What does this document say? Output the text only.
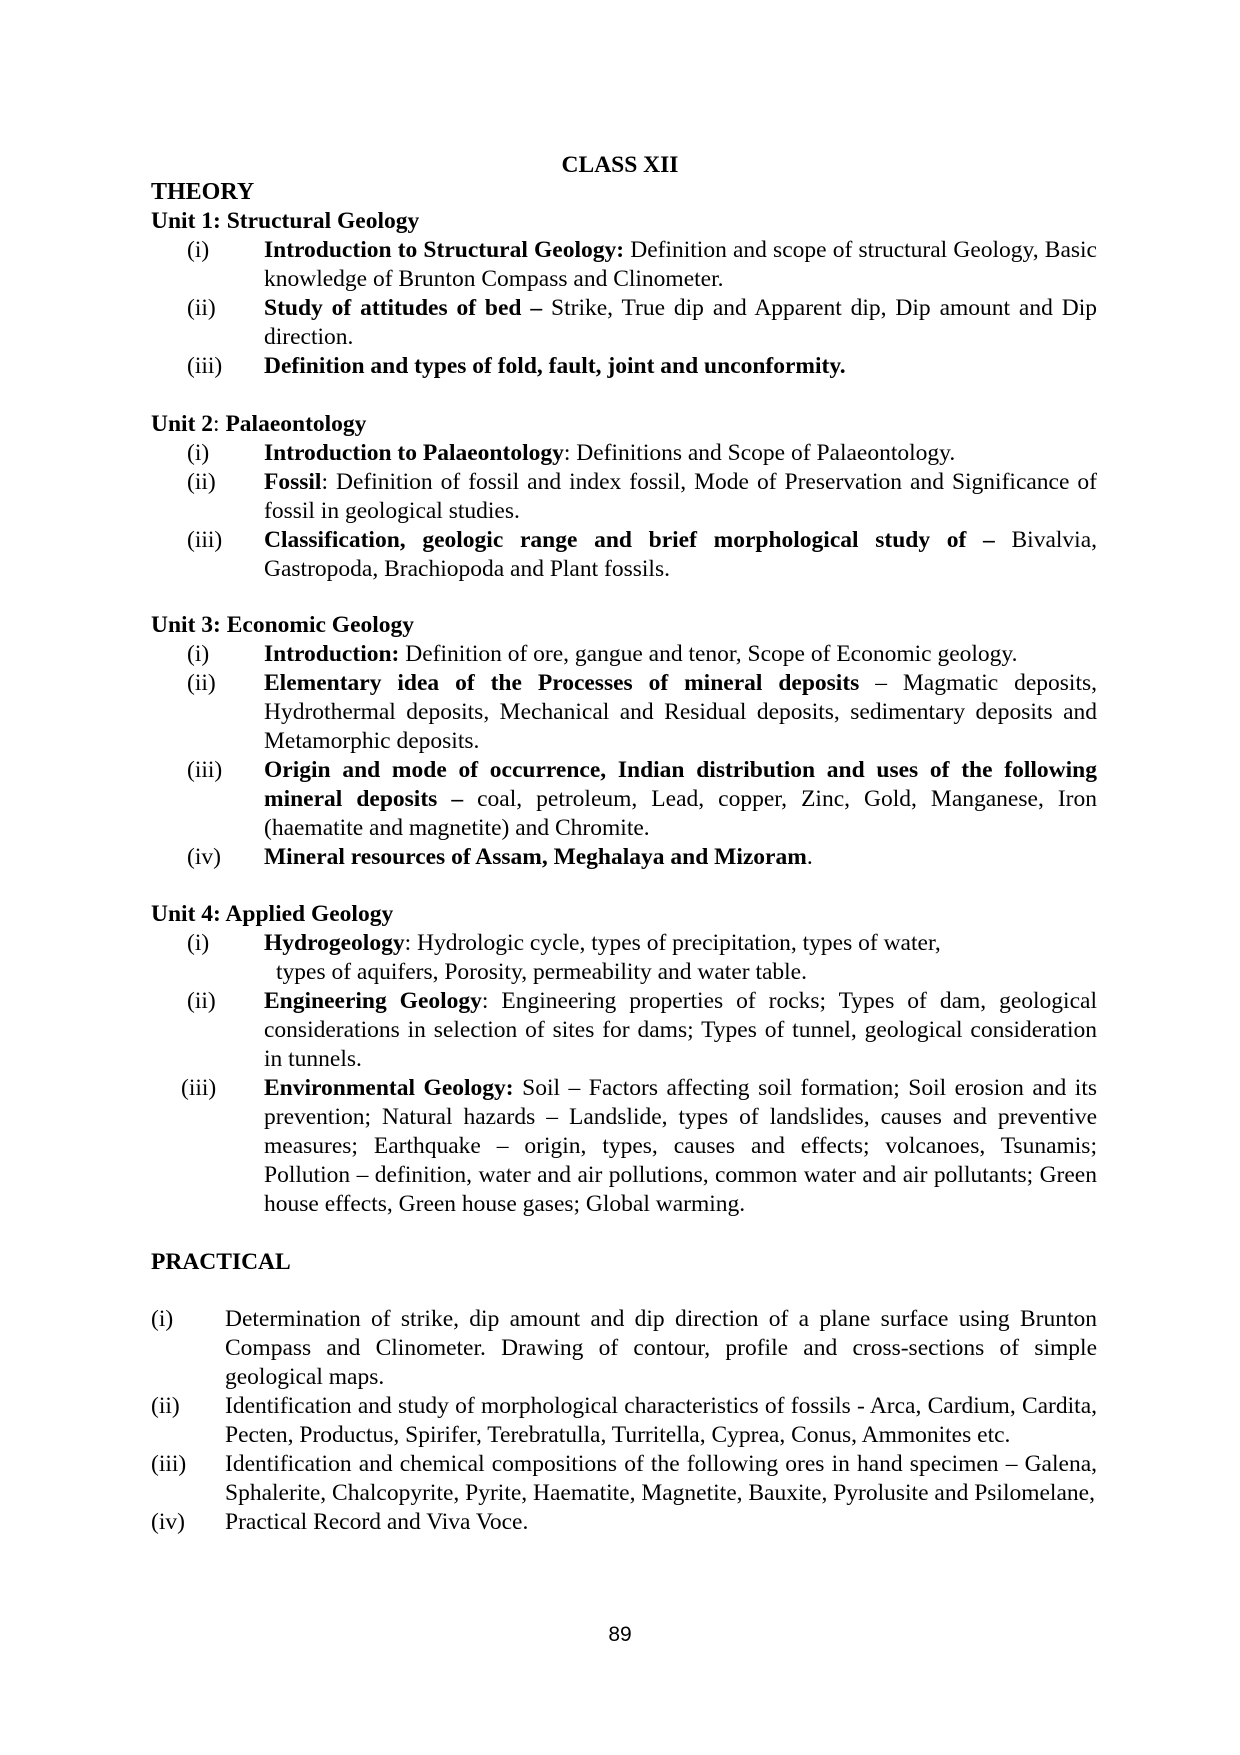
CLASS XII
THEORY

Unit 1: Structural Geology

(i) Introduction to Structural Geology: Definition and scope of structural Geology, Basic knowledge of Brunton Compass and Clinometer.
(ii) Study of attitudes of bed – Strike, True dip and Apparent dip, Dip amount and Dip direction.
(iii) Definition and types of fold, fault, joint and unconformity.

Unit 2: Palaeontology

(i) Introduction to Palaeontology: Definitions and Scope of Palaeontology.
(ii) Fossil: Definition of fossil and index fossil, Mode of Preservation and Significance of fossil in geological studies.
(iii) Classification, geologic range and brief morphological study of – Bivalvia, Gastropoda, Brachiopoda and Plant fossils.

Unit 3: Economic Geology

(i) Introduction: Definition of ore, gangue and tenor, Scope of Economic geology.
(ii) Elementary idea of the Processes of mineral deposits – Magmatic deposits, Hydrothermal deposits, Mechanical and Residual deposits, sedimentary deposits and Metamorphic deposits.
(iii) Origin and mode of occurrence, Indian distribution and uses of the following mineral deposits – coal, petroleum, Lead, copper, Zinc, Gold, Manganese, Iron (haematite and magnetite) and Chromite.
(iv) Mineral resources of Assam, Meghalaya and Mizoram.

Unit 4: Applied Geology

(i) Hydrogeology: Hydrologic cycle, types of precipitation, types of water,
types of aquifers, Porosity, permeability and water table.
(ii) Engineering Geology: Engineering properties of rocks; Types of dam, geological considerations in selection of sites for dams; Types of tunnel, geological consideration in tunnels.
(iii) Environmental Geology: Soil – Factors affecting soil formation; Soil erosion and its prevention; Natural hazards – Landslide, types of landslides, causes and preventive measures; Earthquake – origin, types, causes and effects; volcanoes, Tsunamis; Pollution – definition, water and air pollutions, common water and air pollutants; Green house effects, Green house gases; Global warming.
PRACTICAL
(i) Determination of strike, dip amount and dip direction of a plane surface using Brunton Compass and Clinometer. Drawing of contour, profile and cross-sections of simple geological maps.
(ii) Identification and study of morphological characteristics of fossils - Arca, Cardium, Cardita, Pecten, Productus, Spirifer, Terebratulla, Turritella, Cyprea, Conus, Ammonites etc.
(iii) Identification and chemical compositions of the following ores in hand specimen – Galena, Sphalerite, Chalcopyrite, Pyrite, Haematite, Magnetite, Bauxite, Pyrolusite and Psilomelane,
(iv) Practical Record and Viva Voce.
89
